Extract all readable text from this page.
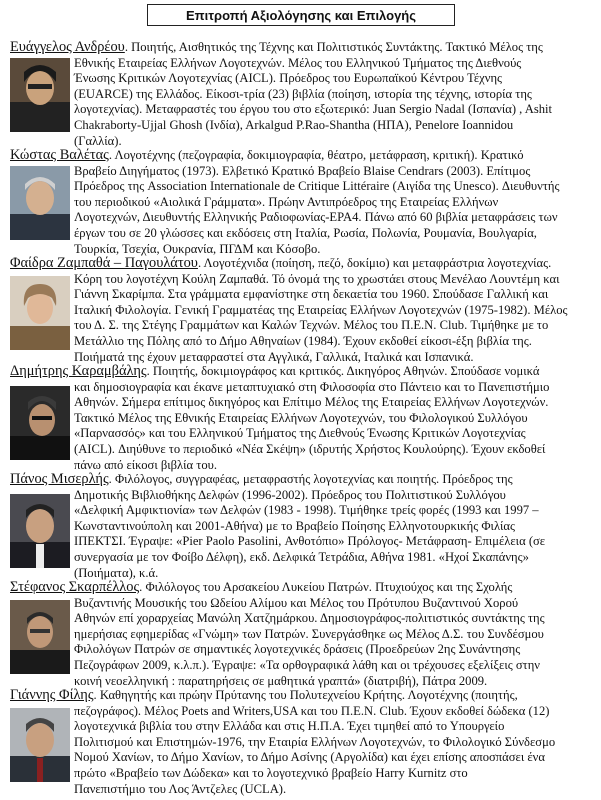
Επιτροπή Αξιολόγησης και Επιλογής
Ευάγγελος Ανδρέου. Ποιητής, Αισθητικός της Τέχνης και Πολιτιστικός Συντάκτης. Τακτικό Μέλος της
Εθνικής Εταιρείας Ελλήνων Λογοτεχνών. Μέλος του Ελληνικού Τμήματος της Διεθνούς
Ένωσης Κριτικών Λογοτεχνίας (AICL). Πρόεδρος του Ευρωπαϊκού Κέντρου Τέχνης
(EUARCE) της Ελλάδος. Είκοσι-τρία (23) βιβλία (ποίηση, ιστορία της τέχνης, ιστορία της
λογοτεχνίας). Μεταφραστές του έργου του στο εξωτερικό: Juan Sergio Nadal (Ισπανία) , Ashit
Chakraborty-Ujjal Ghosh (Ινδία), Arkalgud P.Rao-Shantha (ΗΠΑ), Penelore Ioannidou
(Γαλλία).
Κώστας Βαλέτας. Λογοτέχνης (πεζογραφία, δοκιμιογραφία, θέατρο, μετάφραση, κριτική). Κρατικό
Βραβείο Διηγήματος (1973). Ελβετικό Κρατικό Βραβείο Blaise Cendrars (2003). Επίτιμος
Πρόεδρος της Association Internationale de Critique Littéraire (Αιγίδα της Unesco). Διευθυντής
του περιοδικού «Αιολικά Γράμματα». Πρώην Αντιπρόεδρος της Εταιρείας Ελλήνων
Λογοτεχνών, Διευθυντής Ελληνικής Ραδιοφωνίας-ΕΡΑ4. Πάνω από 60 βιβλία μεταφράσεις των
έργων του σε 20 γλώσσες και εκδόσεις στη Ιταλία, Ρωσία, Πολωνία, Ρουμανία, Βουλγαρία,
Τουρκία, Τσεχία, Ουκρανία, ΠΓΔΜ και Κόσοβο.
Φαίδρα Ζαμπαθά – Παγουλάτου. Λογοτέχνιδα (ποίηση, πεζό, δοκίμιο) και μεταφράστρια λογοτεχνίας.
Κόρη του λογοτέχνη Κούλη Ζαμπαθά. Τό όνομά της το χρωστάει στους Μενέλαο Λουντέμη και
Γιάννη Σκαρίμπα. Στα γράμματα εμφανίστηκε στη δεκαετία του 1960. Σπούδασε Γαλλική και
Ιταλική Φιλολογία. Γενική Γραμματέας της Εταιρείας Ελλήνων Λογοτεχνών (1975-1982). Μέλος
του Δ. Σ. της Στέγης Γραμμάτων και Καλών Τεχνών. Μέλος του Π.Ε.Ν. Club. Τιμήθηκε με το
Μετάλλιο της Πόλης από το Δήμο Αθηναίων (1984). Έχουν εκδοθεί είκοσι-έξη βιβλία της.
Ποιήματά της έχουν μεταφραστεί στα Αγγλικά, Γαλλικά, Ιταλικά και Ισπανικά.
Δημήτρης Καραμβάλης. Ποιητής, δοκιμιογράφος και κριτικός. Δικηγόρος Αθηνών. Σπούδασε νομικά
και δημοσιογραφία και έκανε μεταπτυχιακό στη Φιλοσοφία στο Πάντειο και το Πανεπιστήμιο
Αθηνών. Σήμερα επίτιμος δικηγόρος και Επίτιμο Μέλος της Εταιρείας Ελλήνων Λογοτεχνών.
Τακτικό Μέλος της Εθνικής Εταιρείας Ελλήνων Λογοτεχνών, του Φιλολογικού Συλλόγου
«Παρνασσός» και του Ελληνικού Τμήματος της Διεθνούς Ένωσης Κριτικών Λογοτεχνίας
(AICL). Διηύθυνε το περιοδικό «Νέα Σκέψη» (ιδρυτής Χρήστος Κουλούρης). Έχουν εκδοθεί
πάνω από είκοσι βιβλία του.
Πάνος Μισερλής. Φιλόλογος, συγγραφέας, μεταφραστής λογοτεχνίας και ποιητής. Πρόεδρος της
Δημοτικής Βιβλιοθήκης Δελφών (1996-2002). Πρόεδρος του Πολιτιστικού Συλλόγου
«Δελφική Αμφικτιονία» των Δελφών (1983 - 1998). Τιμήθηκε τρείς φορές (1993 και 1997 –
Κωνσταντινούπολη και 2001-Αθήνα) με το Βραβείο Ποίησης Ελληνοτουρκικής Φιλίας
ΙΠΕΚΤΣΙ. Έγραψε: «Pier Paolo Pasolini, Ανθοτόπιο» Πρόλογος- Μετάφραση- Επιμέλεια (σε
συνεργασία με τον Φοίβο Δέλφη), εκδ. Δελφικά Τετράδια, Αθήνα 1981. «Ηχοί Σκαπάνης»
(Ποιήματα), κ.ά.
Στέφανος Σκαρπέλλος. Φιλόλογος του Αρσακείου Λυκείου Πατρών. Πτυχιούχος και της Σχολής
Βυζαντινής Μουσικής του Ωδείου Αλίμου και Μέλος του Πρότυπου Βυζαντινού Χορού
Αθηνών επί χοραρχείας Μανώλη Χατζημάρκου. Δημοσιογράφος-πολιτιστικός συντάκτης της
ημερήσιας εφημερίδας «Γνώμη» των Πατρών. Συνεργάσθηκε ως Μέλος Δ.Σ. του Συνδέσμου
Φιλολόγων Πατρών σε σημαντικές λογοτεχνικές δράσεις (Προεδρεύων 2ης Συνάντησης
Πεζογράφων 2009, κ.λ.π.). Έγραψε: «Τα ορθογραφικά λάθη και οι τρέχουσες εξελίξεις στην
κοινή νεοελληνική : παρατηρήσεις σε μαθητικά γραπτά» (διατριβή), Πάτρα 2009.
Γιάννης Φίλης. Καθηγητής και πρώην Πρύτανης του Πολυτεχνείου Κρήτης. Λογοτέχνης (ποιητής,
πεζογράφος). Μέλος Poets and Writers,USA και του Π.Ε.Ν. Club. Έχουν εκδοθεί δώδεκα (12)
λογοτεχνικά βιβλία του στην Ελλάδα και στις Η.Π.Α. Έχει τιμηθεί από το Υπουργείο
Πολιτισμού και Επιστημών-1976, την Εταιρία Ελλήνων Λογοτεχνών, το Φιλολογικό Σύνδεσμο
Νομού Χανίων, το Δήμο Χανίων, το Δήμο Ασίνης (Αργολίδα) και έχει επίσης αποσπάσει ένα
πρώτο «Βραβείο των Δώδεκα» και το λογοτεχνικό βραβείο Harry Kurnitz στο
Πανεπιστήμιο του Λος Άντζελες (UCLA).
